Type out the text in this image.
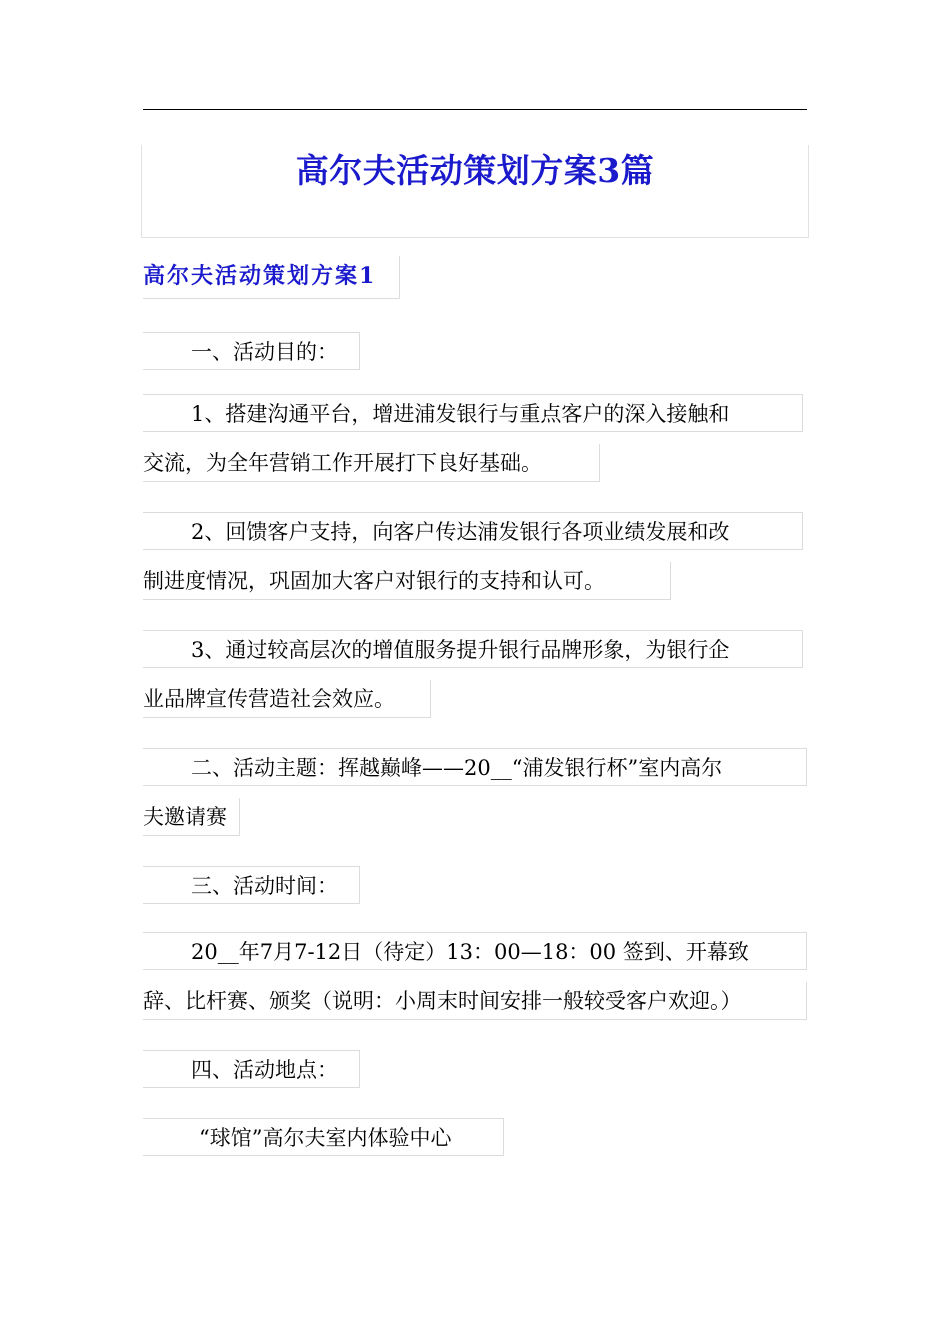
高尔夫活动策划方案3篇
高尔夫活动策划方案1
一、活动目的：
1、搭建沟通平台，增进浦发银行与重点客户的深入接触和
交流，为全年营销工作开展打下良好基础。
2、回馈客户支持，向客户传达浦发银行各项业绩发展和改
制进度情况，巩固加大客户对银行的支持和认可。
3、通过较高层次的增值服务提升银行品牌形象，为银行企
业品牌宣传营造社会效应。
二、活动主题：挥越巅峰——20__“浦发银行杯”室内高尔
夫邀请赛
三、活动时间：
20__年7月7-12日（待定）13：00—18：00 签到、开幕致
辞、比杆赛、颁奖（说明：小周末时间安排一般较受客户欢迎。）
四、活动地点：
“球馆”高尔夫室内体验中心
